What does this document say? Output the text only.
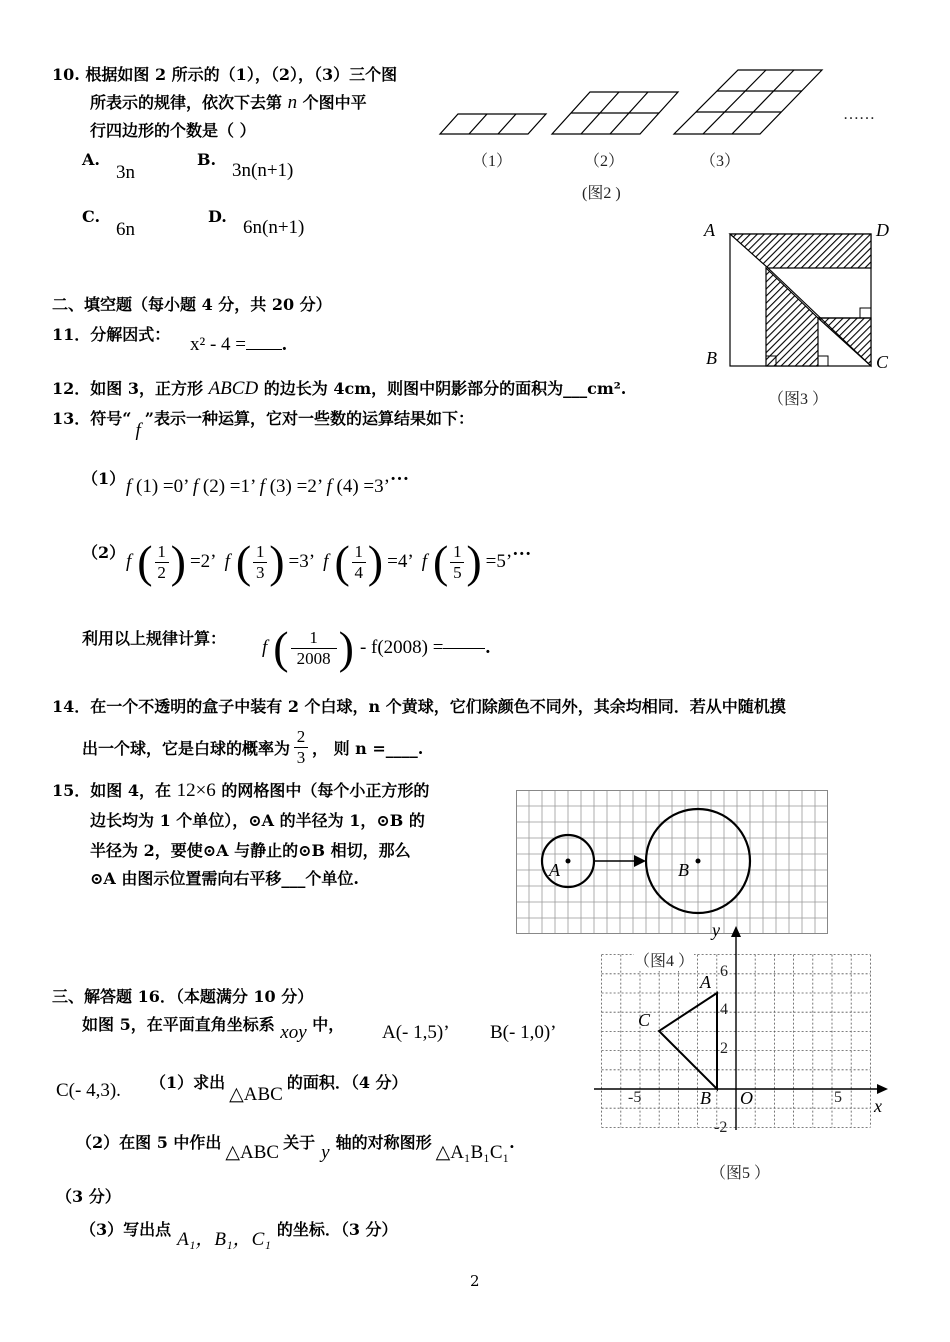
10. 根据如图 2 所示的（1），（2），（3）三个图
所表示的规律，依次下去第 n 个图中平
行四边形的个数是（ ）
A.
3n
B.
3n(n+1)
C.
6n
D.
6n(n+1)
……
（1）	（2）	（3）
(图2 )
A	D
B	C
（图3 ）
二、填空题（每小题 4 分，共 20 分）
11．分解因式： x² - 4 = .
12．如图 3，正方形 ABCD 的边长为 4cm，则图中阴影部分的面积为___cm².
13．符号“f”表示一种运算，它对一些数的运算结果如下：
（1） f (1) =0’ f (2) =1’ f (3) =2’ f (4) =3’…
（2） f ( 1
2 ) = 2 ’ f ( 1
3 ) = 3 ’ f ( 1
4 ) = 4 ’ f ( 1
5 ) = 5 ’
…
利用以上规律计算： f ( 1
2008 ) - f(2008) = .
14．在一个不透明的盒子中装有 2 个白球，n 个黄球，它们除颜色不同外，其余均相同．若从中随机摸
出一个球，它是白球的概率为
2
3 ， 则 n =____.
15．如图 4，在 12×6 的网格图中（每个小正方形的
边长均为 1 个单位），⊙A 的半径为 1，⊙B 的
半径为 2，要使⊙A 与静止的⊙B 相切，那么
⊙A 由图示位置需向右平移___个单位.	A	B
三、解答题 16．（本题满分 10 分）
如图 5，在平面直角坐标系 xoy 中， A(- 1,5)’ B(- 1,0)’
C(- 4,3). （1）求出△ABC的面积．（4 分）
（2）在图 5 中作出 △ABC 关于 y 轴的对称图形 △A₁B₁C₁.
（3 分）
（3）写出点 A₁，B₁，C₁ 的坐标．（3 分）
（图4 ）
y
x
O
-5	5
6
4
2
-2
A
B
C
（图5 ）
2
